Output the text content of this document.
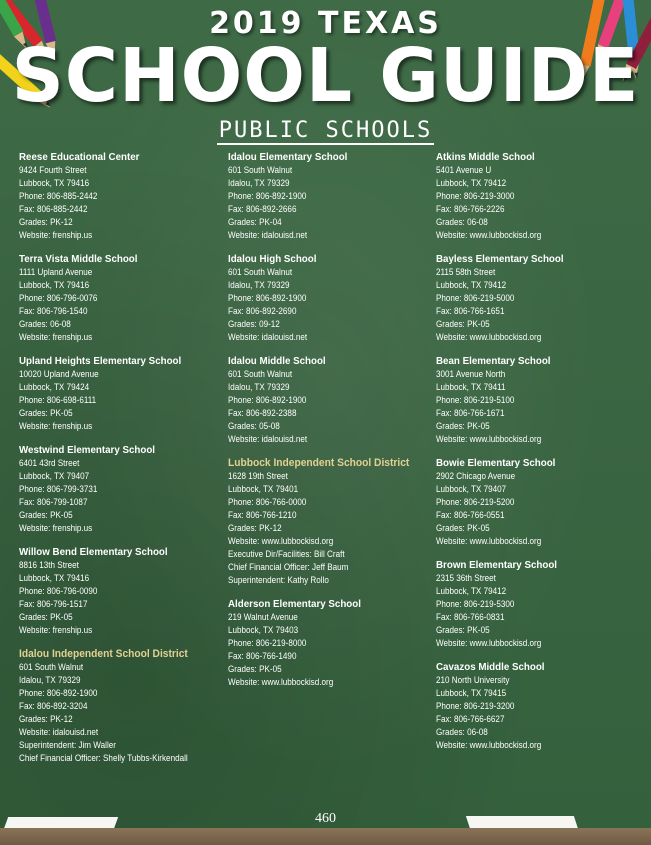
2019 TEXAS
SCHOOL GUIDE
PUBLIC SCHOOLS
Reese Educational Center
9424 Fourth Street
Lubbock, TX 79416
Phone: 806-885-2442
Fax: 806-885-2442
Grades: PK-12
Website: frenship.us
Terra Vista Middle School
1111 Upland Avenue
Lubbock, TX 79416
Phone: 806-796-0076
Fax: 806-796-1540
Grades: 06-08
Website: frenship.us
Upland Heights Elementary School
10020 Upland Avenue
Lubbock, TX 79424
Phone: 806-698-6111
Grades: PK-05
Website: frenship.us
Westwind Elementary School
6401 43rd Street
Lubbock, TX 79407
Phone: 806-799-3731
Fax: 806-799-1087
Grades: PK-05
Website: frenship.us
Willow Bend Elementary School
8816 13th Street
Lubbock, TX 79416
Phone: 806-796-0090
Fax: 806-796-1517
Grades: PK-05
Website: frenship.us
Idalou Independent School District
601 South Walnut
Idalou, TX 79329
Phone: 806-892-1900
Fax: 806-892-3204
Grades: PK-12
Website: idalouisd.net
Superintendent: Jim Waller
Chief Financial Officer: Shelly Tubbs-Kirkendall
Idalou Elementary School
601 South Walnut
Idalou, TX 79329
Phone: 806-892-1900
Fax: 806-892-2666
Grades: PK-04
Website: idalouisd.net
Idalou High School
601 South Walnut
Idalou, TX 79329
Phone: 806-892-1900
Fax: 806-892-2690
Grades: 09-12
Website: idalouisd.net
Idalou Middle School
601 South Walnut
Idalou, TX 79329
Phone: 806-892-1900
Fax: 806-892-2388
Grades: 05-08
Website: idalouisd.net
Lubbock Independent School District
1628 19th Street
Lubbock, TX 79401
Phone: 806-766-0000
Fax: 806-766-1210
Grades: PK-12
Website: www.lubbockisd.org
Executive Dir/Facilities: Bill Craft
Chief Financial Officer: Jeff Baum
Superintendent: Kathy Rollo
Alderson Elementary School
219 Walnut Avenue
Lubbock, TX 79403
Phone: 806-219-8000
Fax: 806-766-1490
Grades: PK-05
Website: www.lubbockisd.org
Atkins Middle School
5401 Avenue U
Lubbock, TX 79412
Phone: 806-219-3000
Fax: 806-766-2226
Grades: 06-08
Website: www.lubbockisd.org
Bayless Elementary School
2115 58th Street
Lubbock, TX 79412
Phone: 806-219-5000
Fax: 806-766-1651
Grades: PK-05
Website: www.lubbockisd.org
Bean Elementary School
3001 Avenue North
Lubbock, TX 79411
Phone: 806-219-5100
Fax: 806-766-1671
Grades: PK-05
Website: www.lubbockisd.org
Bowie Elementary School
2902 Chicago Avenue
Lubbock, TX 79407
Phone: 806-219-5200
Fax: 806-766-0551
Grades: PK-05
Website: www.lubbockisd.org
Brown Elementary School
2315 36th Street
Lubbock, TX 79412
Phone: 806-219-5300
Fax: 806-766-0831
Grades: PK-05
Website: www.lubbockisd.org
Cavazos Middle School
210 North University
Lubbock, TX 79415
Phone: 806-219-3200
Fax: 806-766-6627
Grades: 06-08
Website: www.lubbockisd.org
460
